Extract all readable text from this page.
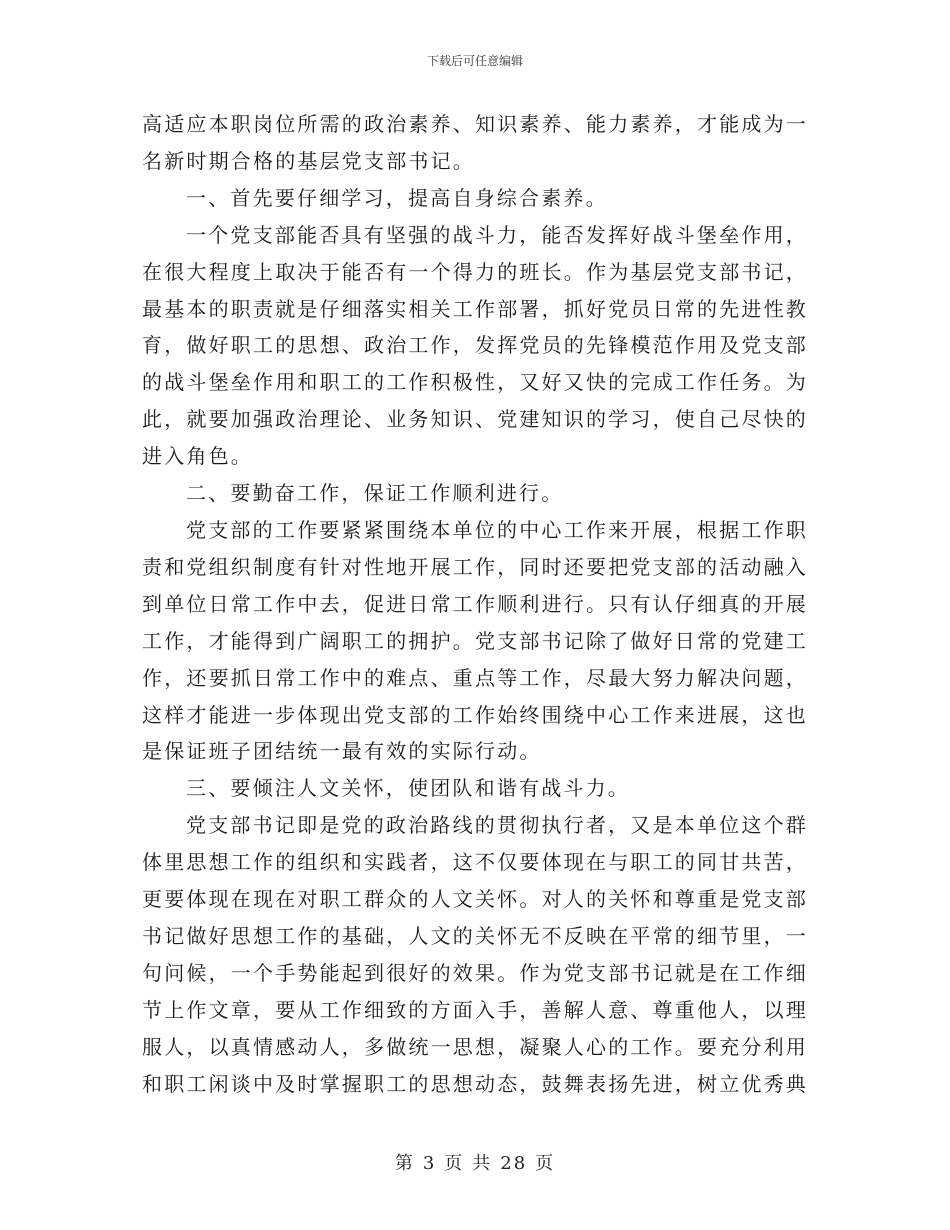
下载后可任意编辑

高适应本职岗位所需的政治素养、知识素养、能力素养，才能成为一名新时期合格的基层党支部书记。

一、首先要仔细学习，提高自身综合素养。

一个党支部能否具有坚强的战斗力，能否发挥好战斗堡垒作用，在很大程度上取决于能否有一个得力的班长。作为基层党支部书记，最基本的职责就是仔细落实相关工作部署，抓好党员日常的先进性教育，做好职工的思想、政治工作，发挥党员的先锋模范作用及党支部的战斗堡垒作用和职工的工作积极性，又好又快的完成工作任务。为此，就要加强政治理论、业务知识、党建知识的学习，使自己尽快的进入角色。

二、要勤奋工作，保证工作顺利进行。

党支部的工作要紧紧围绕本单位的中心工作来开展，根据工作职责和党组织制度有针对性地开展工作，同时还要把党支部的活动融入到单位日常工作中去，促进日常工作顺利进行。只有认仔细真的开展工作，才能得到广阔职工的拥护。党支部书记除了做好日常的党建工作，还要抓日常工作中的难点、重点等工作，尽最大努力解决问题，这样才能进一步体现出党支部的工作始终围绕中心工作来进展，这也是保证班子团结统一最有效的实际行动。

三、要倾注人文关怀，使团队和谐有战斗力。

党支部书记即是党的政治路线的贯彻执行者，又是本单位这个群体里思想工作的组织和实践者，这不仅要体现在与职工的同甘共苦，更要体现在现在对职工群众的人文关怀。对人的关怀和尊重是党支部书记做好思想工作的基础，人文的关怀无不反映在平常的细节里，一句问候，一个手势能起到很好的效果。作为党支部书记就是在工作细节上作文章，要从工作细致的方面入手，善解人意、尊重他人，以理服人，以真情感动人，多做统一思想，凝聚人心的工作。要充分利用和职工闲谈中及时掌握职工的思想动态，鼓舞表扬先进，树立优秀典

第 3 页 共 28 页
